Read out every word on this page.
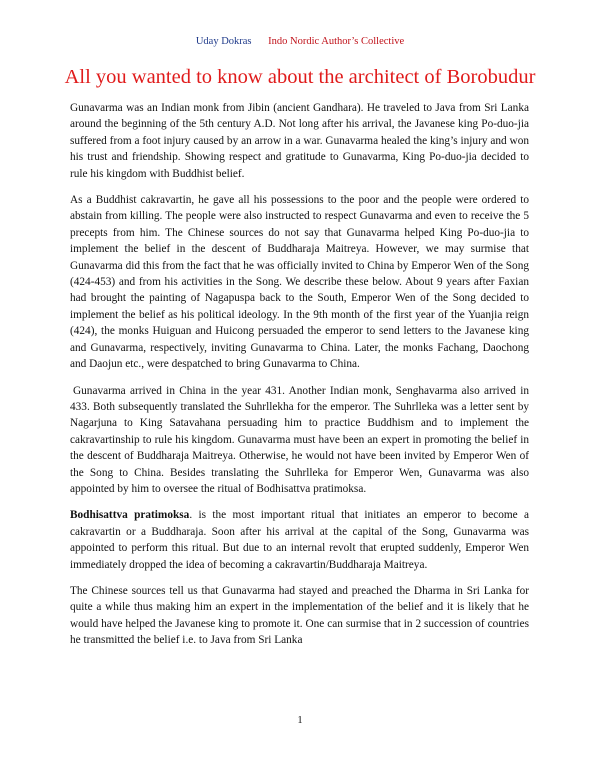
Uday Dokras Indo Nordic Author’s Collective
All you wanted to know about the architect of Borobudur

Gunavarma was an Indian monk from Jibin (ancient Gandhara). He traveled to Java from Sri Lanka around the beginning of the 5th century A.D. Not long after his arrival, the Javanese king Po-duo-jia suffered from a foot injury caused by an arrow in a war. Gunavarma healed the king’s injury and won his trust and friendship. Showing respect and gratitude to Gunavarma, King Po-duo-jia decided to rule his kingdom with Buddhist belief.

As a Buddhist cakravartin, he gave all his possessions to the poor and the people were ordered to abstain from killing. The people were also instructed to respect Gunavarma and even to receive the 5 precepts from him. The Chinese sources do not say that Gunavarma helped King Po-duo-jia to implement the belief in the descent of Buddharaja Maitreya. However, we may surmise that Gunavarma did this from the fact that he was officially invited to China by Emperor Wen of the Song (424-453) and from his activities in the Song. We describe these below. About 9 years after Faxian had brought the painting of Nagapuspa back to the South, Emperor Wen of the Song decided to implement the belief as his political ideology. In the 9th month of the first year of the Yuanjia reign (424), the monks Huiguan and Huicong persuaded the emperor to send letters to the Javanese king and Gunavarma, respectively, inviting Gunavarma to China. Later, the monks Fachang, Daochong and Daojun etc., were despatched to bring Gunavarma to China.

Gunavarma arrived in China in the year 431. Another Indian monk, Senghavarma also arrived in 433. Both subsequently translated the Suhrllekha for the emperor. The Suhrlleka was a letter sent by Nagarjuna to King Satavahana persuading him to practice Buddhism and to implement the cakravartinship to rule his kingdom. Gunavarma must have been an expert in promoting the belief in the descent of Buddharaja Maitreya. Otherwise, he would not have been invited by Emperor Wen of the Song to China. Besides translating the Suhrlleka for Emperor Wen, Gunavarma was also appointed by him to oversee the ritual of Bodhisattva pratimoksa.

Bodhisattva pratimoksa. is the most important ritual that initiates an emperor to become a cakravartin or a Buddharaja. Soon after his arrival at the capital of the Song, Gunavarma was appointed to perform this ritual. But due to an internal revolt that erupted suddenly, Emperor Wen immediately dropped the idea of becoming a cakravartin/Buddharaja Maitreya.

The Chinese sources tell us that Gunavarma had stayed and preached the Dharma in Sri Lanka for quite a while thus making him an expert in the implementation of the belief and it is likely that he would have helped the Javanese king to promote it. One can surmise that in 2 succession of countries he transmitted the belief i.e. to Java from Sri Lanka

1
